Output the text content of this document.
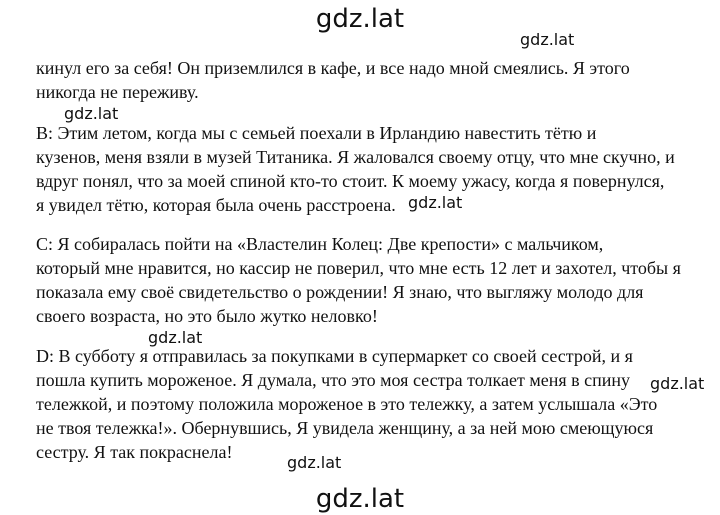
gdz.lat
gdz.lat
gdz.lat
gdz.lat
gdz.lat
gdz.lat
gdz.lat
gdz.lat
кинул его за себя! Он приземлился в кафе, и все надо мной смеялись. Я этого
никогда не переживу.
B: Этим летом, когда мы с семьей поехали в Ирландию навестить тётю и
кузенов, меня взяли в музей Титаника. Я жаловался своему отцу, что мне скучно, и
вдруг понял, что за моей спиной кто-то стоит. К моему ужасу, когда я повернулся,
я увидел тётю, которая была очень расстроена.
C: Я собиралась пойти на «Властелин Колец: Две крепости» с мальчиком,
который мне нравится, но кассир не поверил, что мне есть 12 лет и захотел, чтобы я
показала ему своё свидетельство о рождении! Я знаю, что выгляжу молодо для
своего возраста, но это было жутко неловко!
D: В субботу я отправилась за покупками в супермаркет со своей сестрой, и я
пошла купить мороженое. Я думала, что это моя сестра толкает меня в спину
тележкой, и поэтому положила мороженое в это тележку, а затем услышала «Это
не твоя тележка!». Обернувшись, Я увидела женщину, а за ней мою смеющуюся
сестру. Я так покраснела!
